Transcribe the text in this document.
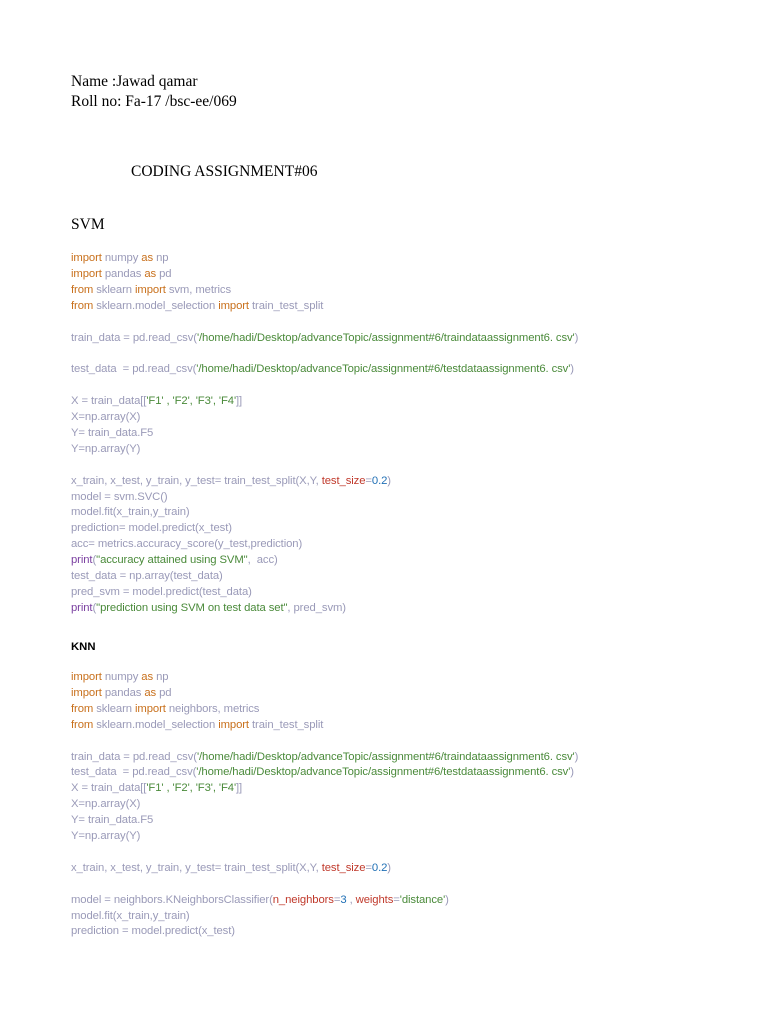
Name :Jawad qamar
Roll no: Fa-17 /bsc-ee/069
CODING ASSIGNMENT#06
SVM
import numpy as np
import pandas as pd
from sklearn import svm, metrics
from sklearn.model_selection import train_test_split
train_data = pd.read_csv('/home/hadi/Desktop/advanceTopic/assignment#6/traindataassignment6. csv')
test_data  = pd.read_csv('/home/hadi/Desktop/advanceTopic/assignment#6/testdataassignment6. csv')
X = train_data[['F1' , 'F2', 'F3', 'F4']]
X=np.array(X)
Y= train_data.F5
Y=np.array(Y)
x_train, x_test, y_train, y_test= train_test_split(X,Y, test_size=0.2)
model = svm.SVC()
model.fit(x_train,y_train)
prediction= model.predict(x_test)
acc= metrics.accuracy_score(y_test,prediction)
print("accuracy attained using SVM",  acc)
test_data = np.array(test_data)
pred_svm = model.predict(test_data)
print("prediction using SVM on test data set", pred_svm)
KNN
import numpy as np
import pandas as pd
from sklearn import neighbors, metrics
from sklearn.model_selection import train_test_split
train_data = pd.read_csv('/home/hadi/Desktop/advanceTopic/assignment#6/traindataassignment6. csv')
test_data  = pd.read_csv('/home/hadi/Desktop/advanceTopic/assignment#6/testdataassignment6. csv')
X = train_data[['F1' , 'F2', 'F3', 'F4']]
X=np.array(X)
Y= train_data.F5
Y=np.array(Y)
x_train, x_test, y_train, y_test= train_test_split(X,Y, test_size=0.2)
model = neighbors.KNeighborsClassifier(n_neighbors=3 , weights='distance')
model.fit(x_train,y_train)
prediction = model.predict(x_test)
